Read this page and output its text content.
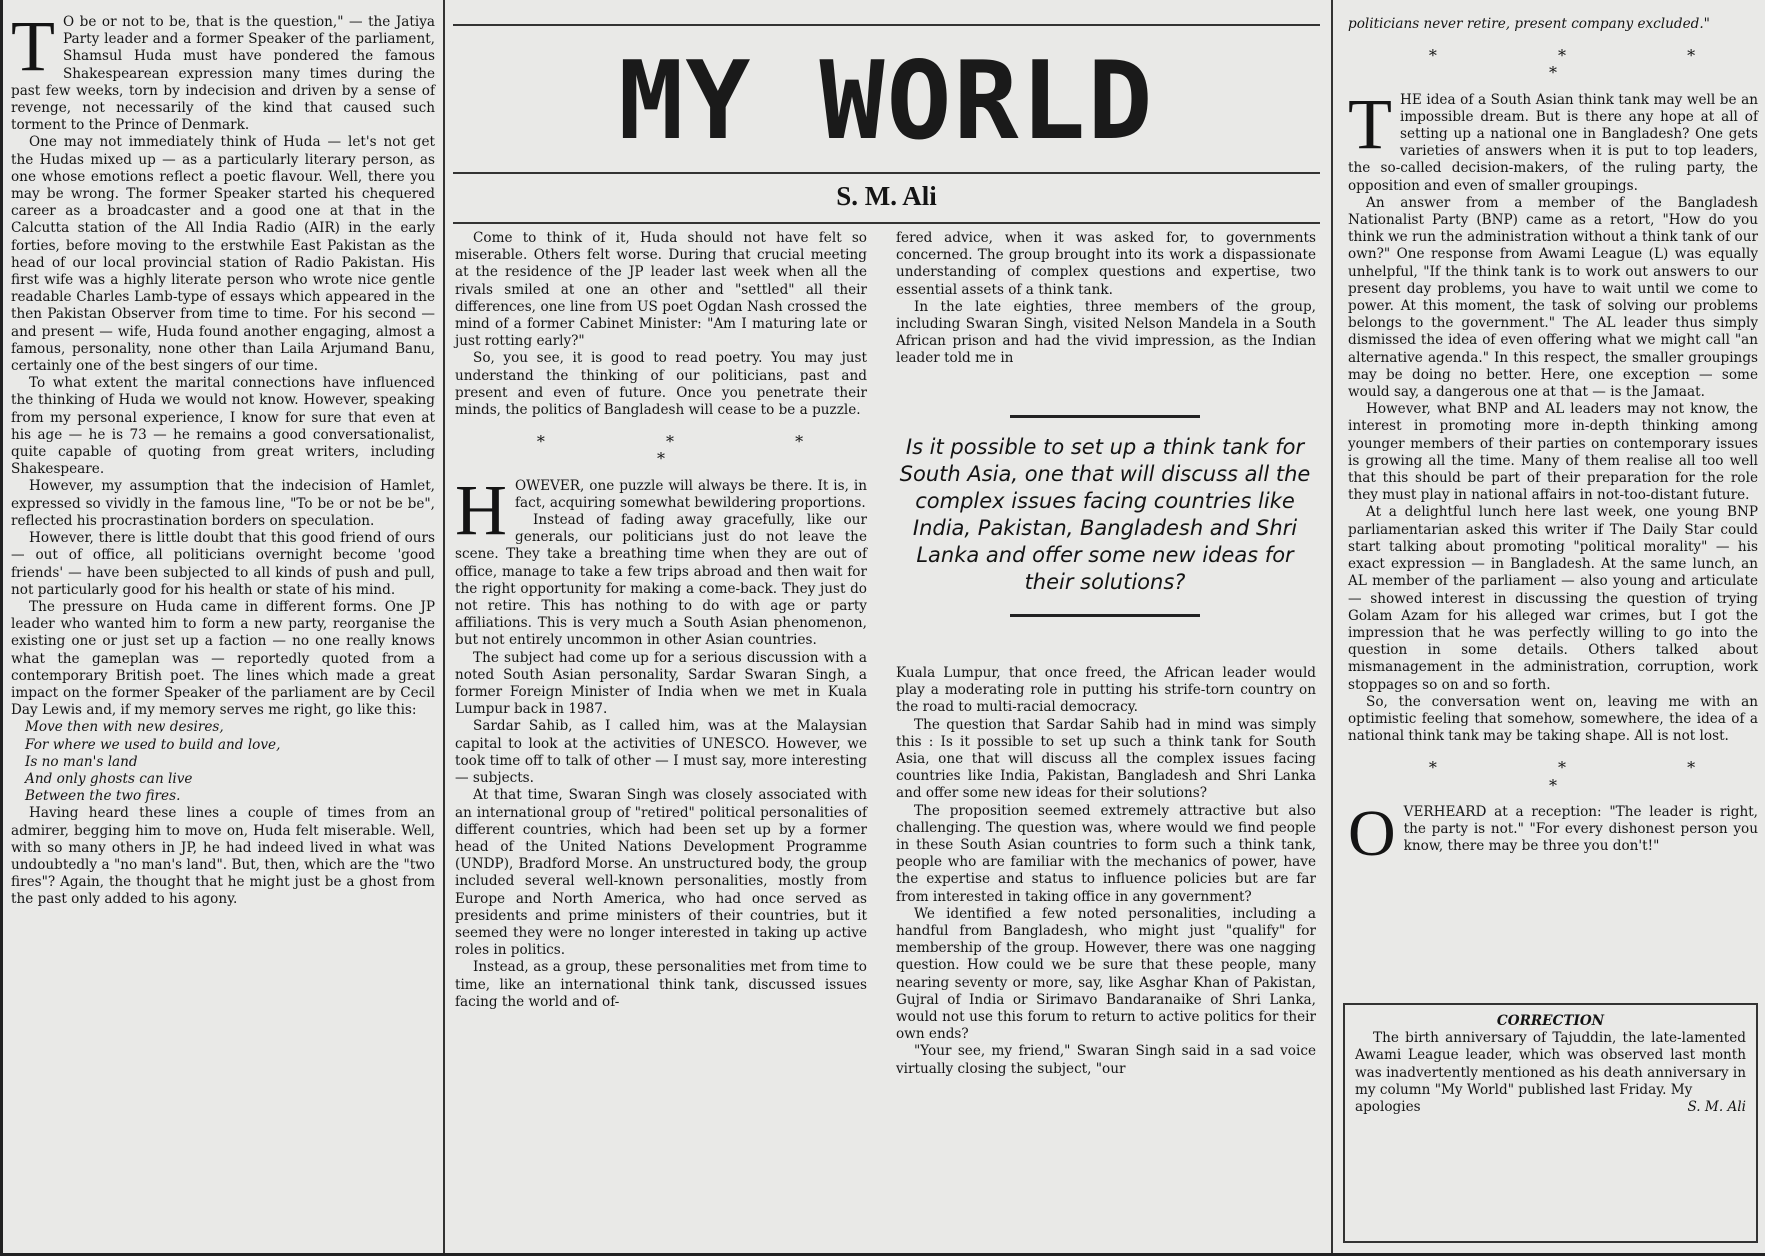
T O be or not to be, that is the question," — the Jatiya Party leader and a former Speaker of the parliament, Shamsul Huda must have pondered the famous Shakespearean expression many times during the past few weeks, torn by indecision and driven by a sense of revenge, not necessarily of the kind that caused such torment to the Prince of Denmark.

One may not immediately think of Huda — let's not get the Hudas mixed up — as a particularly literary person, as one whose emotions reflect a poetic flavour. Well, there you may be wrong. The former Speaker started his chequered career as a broadcaster and a good one at that in the Calcutta station of the All India Radio (AIR) in the early forties, before moving to the erstwhile East Pakistan as the head of our local provincial station of Radio Pakistan. His first wife was a highly literate person who wrote nice gentle readable Charles Lamb-type of essays which appeared in the then Pakistan Observer from time to time. For his second — and present — wife, Huda found another engaging, almost a famous, personality, none other than Laila Arjumand Banu, certainly one of the best singers of our time.

To what extent the marital connections have influenced the thinking of Huda we would not know. However, speaking from my personal experience, I know for sure that even at his age — he is 73 — he remains a good conversationalist, quite capable of quoting from great writers, including Shakespeare.

However, my assumption that the indecision of Hamlet, expressed so vividly in the famous line, "To be or not be be", reflected his procrastination borders on speculation.

However, there is little doubt that this good friend of ours — out of office, all politicians overnight become 'good friends' — have been subjected to all kinds of push and pull, not particularly good for his health or state of his mind.

The pressure on Huda came in different forms. One JP leader who wanted him to form a new party, reorganise the existing one or just set up a faction — no one really knows what the gameplan was — reportedly quoted from a contemporary British poet. The lines which made a great impact on the former Speaker of the parliament are by Cecil Day Lewis and, if my memory serves me right, go like this:

Move then with new desires,
For where we used to build and love,
Is no man's land
And only ghosts can live
Between the two fires.

Having heard these lines a couple of times from an admirer, begging him to move on, Huda felt miserable. Well, with so many others in JP, he had indeed lived in what was undoubtedly a "no man's land". But, then, which are the "two fires"? Again, the thought that he might just be a ghost from the past only added to his agony.

MY WORLD
S. M. Ali

Come to think of it, Huda should not have felt so miserable. Others felt worse. During that crucial meeting at the residence of the JP leader last week when all the rivals smiled at one an other and "settled" all their differences, one line from US poet Ogdan Nash crossed the mind of a former Cabinet Minister: "Am I maturing late or just rotting early?"

So, you see, it is good to read poetry. You may just understand the thinking of our politicians, past and present and even of future. Once you penetrate their minds, the politics of Bangladesh will cease to be a puzzle.

* * * *

H OWEVER, one puzzle will always be there. It is, in fact, acquiring somewhat bewildering proportions.

Instead of fading away gracefully, like our generals, our politicians just do not leave the scene. They take a breathing time when they are out of office, manage to take a few trips abroad and then wait for the right opportunity for making a come-back. They just do not retire. This has nothing to do with age or party affiliations. This is very much a South Asian phenomenon, but not entirely uncommon in other Asian countries.

The subject had come up for a serious discussion with a noted South Asian personality, Sardar Swaran Singh, a former Foreign Minister of India when we met in Kuala Lumpur back in 1987.

Sardar Sahib, as I called him, was at the Malaysian capital to look at the activities of UNESCO. However, we took time off to talk of other — I must say, more interesting — subjects.

At that time, Swaran Singh was closely associated with an international group of "retired" political personalities of different countries, which had been set up by a former head of the United Nations Development Programme (UNDP), Bradford Morse. An unstructured body, the group included several well-known personalities, mostly from Europe and North America, who had once served as presidents and prime ministers of their countries, but it seemed they were no longer interested in taking up active roles in politics.

Instead, as a group, these personalities met from time to time, like an international think tank, discussed issues facing the world and of-

fered advice, when it was asked for, to governments concerned. The group brought into its work a dispassionate understanding of complex questions and expertise, two essential assets of a think tank.

In the late eighties, three members of the group, including Swaran Singh, visited Nelson Mandela in a South African prison and had the vivid impression, as the Indian leader told me in

Is it possible to set up a think tank for South Asia, one that will discuss all the complex issues facing countries like India, Pakistan, Bangladesh and Shri Lanka and offer some new ideas for their solutions?

Kuala Lumpur, that once freed, the African leader would play a moderating role in putting his strife-torn country on the road to multi-racial democracy.

The question that Sardar Sahib had in mind was simply this : Is it possible to set up such a think tank for South Asia, one that will discuss all the complex issues facing countries like India, Pakistan, Bangladesh and Shri Lanka and offer some new ideas for their solutions?

The proposition seemed extremely attractive but also challenging. The question was, where would we find people in these South Asian countries to form such a think tank, people who are familiar with the mechanics of power, have the expertise and status to influence policies but are far from interested in taking office in any government?

We identified a few noted personalities, including a handful from Bangladesh, who might just "qualify" for membership of the group. However, there was one nagging question. How could we be sure that these people, many nearing seventy or more, say, like Asghar Khan of Pakistan, Gujral of India or Sirimavo Bandaranaike of Shri Lanka, would not use this forum to return to active politics for their own ends?

"Your see, my friend," Swaran Singh said in a sad voice virtually closing the subject, "our

politicians never retire, present company excluded."

* * * *

T HE idea of a South Asian think tank may well be an impossible dream. But is there any hope at all of setting up a national one in Bangladesh? One gets varieties of answers when it is put to top leaders, the so-called decision-makers, of the ruling party, the opposition and even of smaller groupings.

An answer from a member of the Bangladesh Nationalist Party (BNP) came as a retort, "How do you think we run the administration without a think tank of our own?" One response from Awami League (L) was equally unhelpful, "If the think tank is to work out answers to our present day problems, you have to wait until we come to power. At this moment, the task of solving our problems belongs to the government." The AL leader thus simply dismissed the idea of even offering what we might call "an alternative agenda." In this respect, the smaller groupings may be doing no better. Here, one exception — some would say, a dangerous one at that — is the Jamaat.

However, what BNP and AL leaders may not know, the interest in promoting more in-depth thinking among younger members of their parties on contemporary issues is growing all the time. Many of them realise all too well that this should be part of their preparation for the role they must play in national affairs in not-too-distant future.

At a delightful lunch here last week, one young BNP parliamentarian asked this writer if The Daily Star could start talking about promoting "political morality" — his exact expression — in Bangladesh. At the same lunch, an AL member of the parliament — also young and articulate — showed interest in discussing the question of trying Golam Azam for his alleged war crimes, but I got the impression that he was perfectly willing to go into the question in some details. Others talked about mismanagement in the administration, corruption, work stoppages so on and so forth.

So, the conversation went on, leaving me with an optimistic feeling that somehow, somewhere, the idea of a national think tank may be taking shape. All is not lost.

* * * *

O VERHEARD at a reception: "The leader is right, the party is not." "For every dishonest person you know, there may be three you don't!"

CORRECTION
The birth anniversary of Tajuddin, the late-lamented Awami League leader, which was observed last month was inadvertently mentioned as his death anniversary in my column "My World" published last Friday. My
apologies	S. M. Ali
